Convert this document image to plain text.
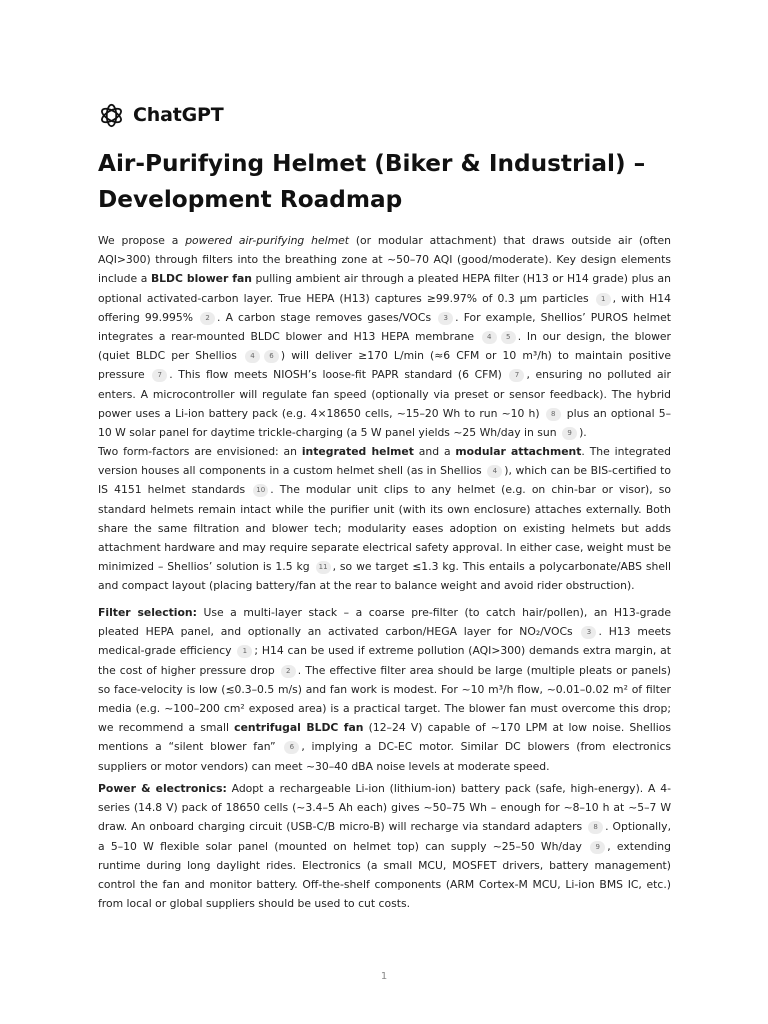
ChatGPT
Air-Purifying Helmet (Biker & Industrial) – Development Roadmap

We propose a powered air-purifying helmet (or modular attachment) that draws outside air (often AQI>300) through filters into the breathing zone at ~50–70 AQI (good/moderate). Key design elements include a BLDC blower fan pulling ambient air through a pleated HEPA filter (H13 or H14 grade) plus an optional activated-carbon layer. True HEPA (H13) captures ≥99.97% of 0.3 µm particles 1 , with H14 offering 99.995% 2 . A carbon stage removes gases/VOCs 3 . For example, Shellios’ PUROS helmet integrates a rear-mounted BLDC blower and H13 HEPA membrane 4 5 . In our design, the blower (quiet BLDC per Shellios 4 6 ) will deliver ≥170 L/min (≈6 CFM or 10 m³/h) to maintain positive pressure 7 . This flow meets NIOSH’s loose-fit PAPR standard (6 CFM) 7 , ensuring no polluted air enters. A microcontroller will regulate fan speed (optionally via preset or sensor feedback). The hybrid power uses a Li-ion battery pack (e.g. 4×18650 cells, ~15–20 Wh to run ~10 h) 8 plus an optional 5–10 W solar panel for daytime trickle-charging (a 5 W panel yields ~25 Wh/day in sun 9 ).

Two form-factors are envisioned: an integrated helmet and a modular attachment. The integrated version houses all components in a custom helmet shell (as in Shellios 4 ), which can be BIS-certified to IS 4151 helmet standards 10 . The modular unit clips to any helmet (e.g. on chin-bar or visor), so standard helmets remain intact while the purifier unit (with its own enclosure) attaches externally. Both share the same filtration and blower tech; modularity eases adoption on existing helmets but adds attachment hardware and may require separate electrical safety approval. In either case, weight must be minimized – Shellios’ solution is 1.5 kg 11 , so we target ≤1.3 kg. This entails a polycarbonate/ABS shell and compact layout (placing battery/fan at the rear to balance weight and avoid rider obstruction).

Filter selection: Use a multi-layer stack – a coarse pre-filter (to catch hair/pollen), an H13-grade pleated HEPA panel, and optionally an activated carbon/HEGA layer for NO₂/VOCs 3 . H13 meets medical-grade efficiency 1 ; H14 can be used if extreme pollution (AQI>300) demands extra margin, at the cost of higher pressure drop 2 . The effective filter area should be large (multiple pleats or panels) so face-velocity is low (≲0.3–0.5 m/s) and fan work is modest. For ~10 m³/h flow, ~0.01–0.02 m² of filter media (e.g. ~100–200 cm² exposed area) is a practical target. The blower fan must overcome this drop; we recommend a small centrifugal BLDC fan (12–24 V) capable of ~170 LPM at low noise. Shellios mentions a “silent blower fan” 6 , implying a DC-EC motor. Similar DC blowers (from electronics suppliers or motor vendors) can meet ~30–40 dBA noise levels at moderate speed.

Power & electronics: Adopt a rechargeable Li-ion (lithium-ion) battery pack (safe, high-energy). A 4-series (14.8 V) pack of 18650 cells (~3.4–5 Ah each) gives ~50–75 Wh – enough for ~8–10 h at ~5–7 W draw. An onboard charging circuit (USB-C/B micro-B) will recharge via standard adapters 8 . Optionally, a 5–10 W flexible solar panel (mounted on helmet top) can supply ~25–50 Wh/day 9 , extending runtime during long daylight rides. Electronics (a small MCU, MOSFET drivers, battery management) control the fan and monitor battery. Off-the-shelf components (ARM Cortex-M MCU, Li-ion BMS IC, etc.) from local or global suppliers should be used to cut costs.

1
